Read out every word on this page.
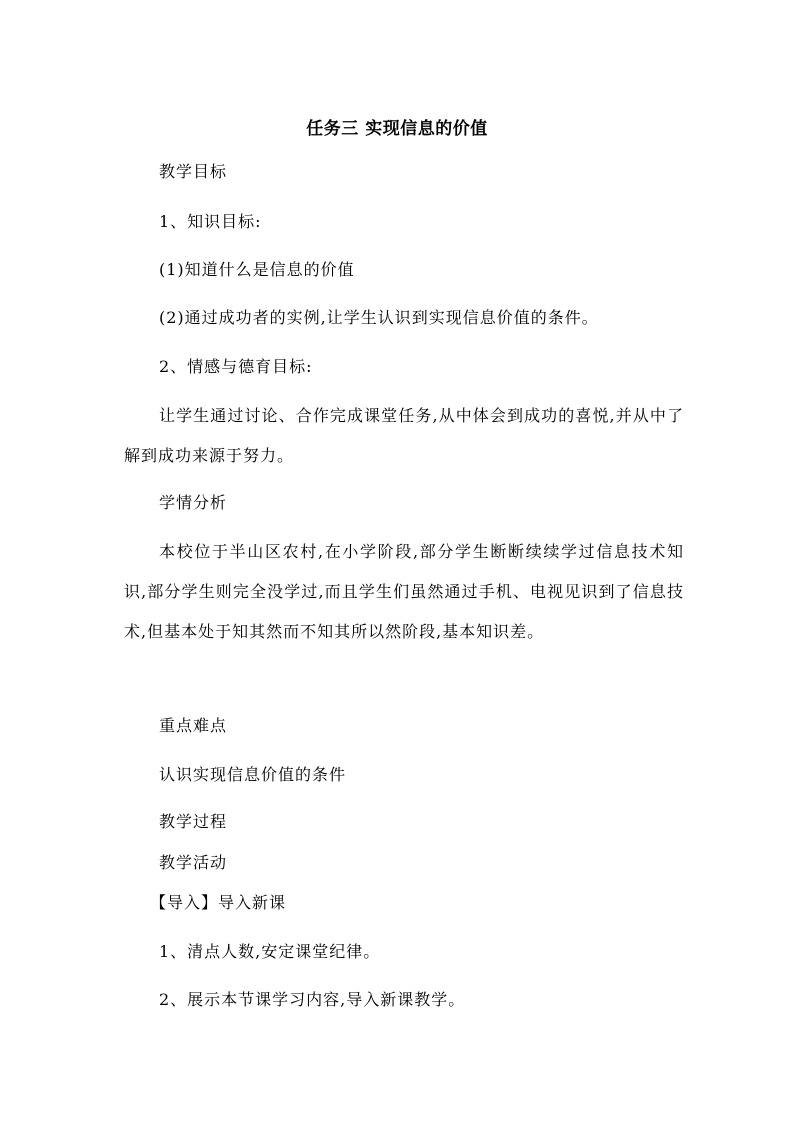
任务三 实现信息的价值
教学目标
1、知识目标:
(1)知道什么是信息的价值
(2)通过成功者的实例,让学生认识到实现信息价值的条件。
2、情感与德育目标:
让学生通过讨论、合作完成课堂任务,从中体会到成功的喜悦,并从中了解到成功来源于努力。
学情分析
本校位于半山区农村,在小学阶段,部分学生断断续续学过信息技术知识,部分学生则完全没学过,而且学生们虽然通过手机、电视见识到了信息技术,但基本处于知其然而不知其所以然阶段,基本知识差。
重点难点
认识实现信息价值的条件
教学过程
教学活动
【导入】导入新课
1、清点人数,安定课堂纪律。
2、展示本节课学习内容,导入新课教学。
